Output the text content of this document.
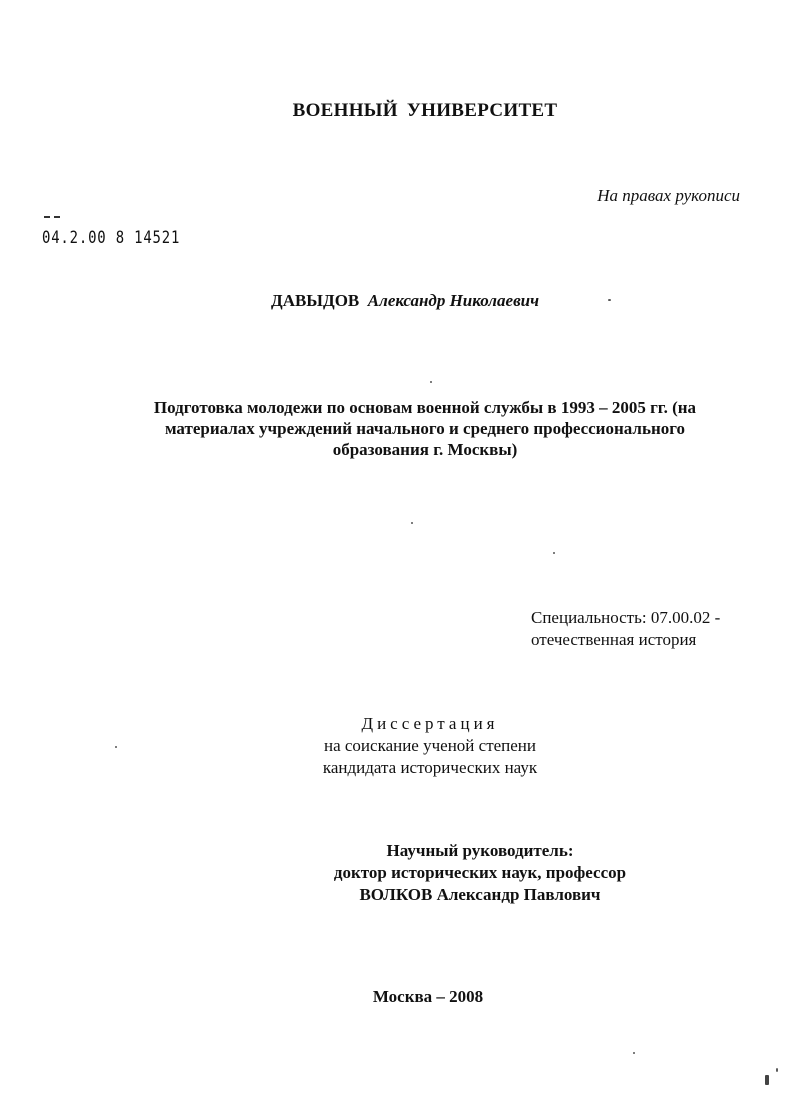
ВОЕННЫЙ УНИВЕРСИТЕТ
На правах рукописи
04.2.00 8 14521
ДАВЫДОВ Александр Николаевич
Подготовка молодежи по основам военной службы в 1993 – 2005 гг. (на
материалах учреждений начального и среднего профессионального
образования г. Москвы)
Специальность: 07.00.02 -
отечественная история
Диссертация
на соискание ученой степени
кандидата исторических наук
Научный руководитель:
доктор исторических наук, профессор
ВОЛКОВ Александр Павлович
Москва – 2008
